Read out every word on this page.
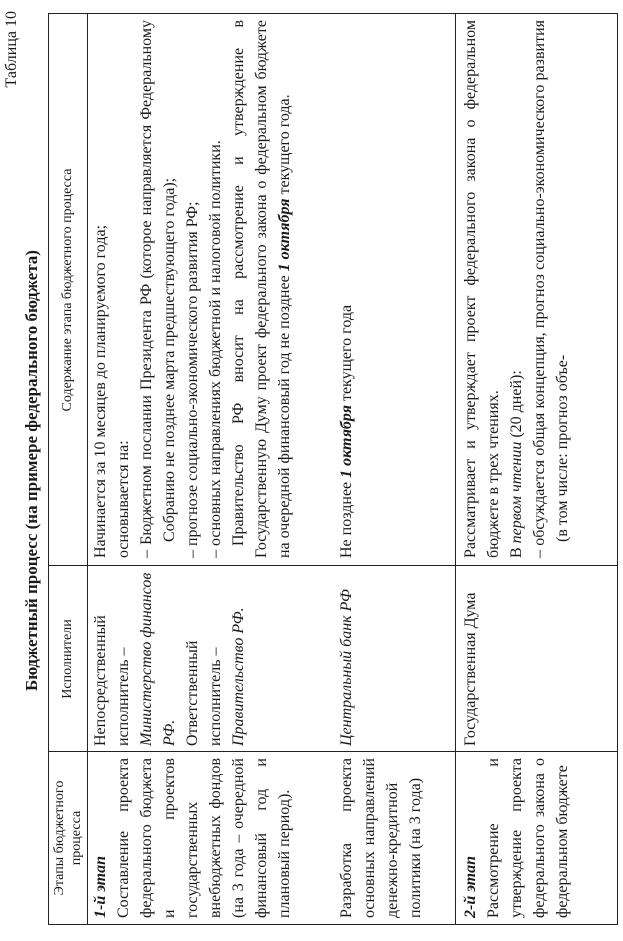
Таблица 10
Бюджетный процесс (на примере федерального бюджета)
Этапы бюджетного процесса
Исполнители
Содержание этапа бюджетного процесса

1-й этап Составление проекта федерального бюджета и проектов государственных внебюджетных фондов (на 3 года – очередной финансовый год и плановый период).

Непосредственный исполнитель – Министерство финансов РФ. Ответственный исполнитель – Правительство РФ.

Начинается за 10 месяцев до планируемого года; основывается на: – Бюджетном послании Президента РФ (которое направляется Федеральному Собранию не позднее марта предшествующего года); – прогнозе социально-экономического развития РФ; – основных направлениях бюджетной и налоговой политики. Правительство РФ вносит на рассмотрение и утверждение в Государственную Думу проект федерального закона о федеральном бюджете на очередной финансовый год не позднее 1 октября текущего года.

Разработка проекта основных направлений денежно-кредитной политики (на 3 года)

Центральный банк РФ

Не позднее 1 октября текущего года

2-й этап Рассмотрение и утверждение проекта федерального закона о федеральном бюджете

Государственная Дума

Рассматривает и утверждает проект федерального закона о федеральном бюджете в трех чтениях. В первом чтении (20 дней): – обсуждается общая концепция, прогноз социально-экономического развития (в том числе: прогноз объе-
